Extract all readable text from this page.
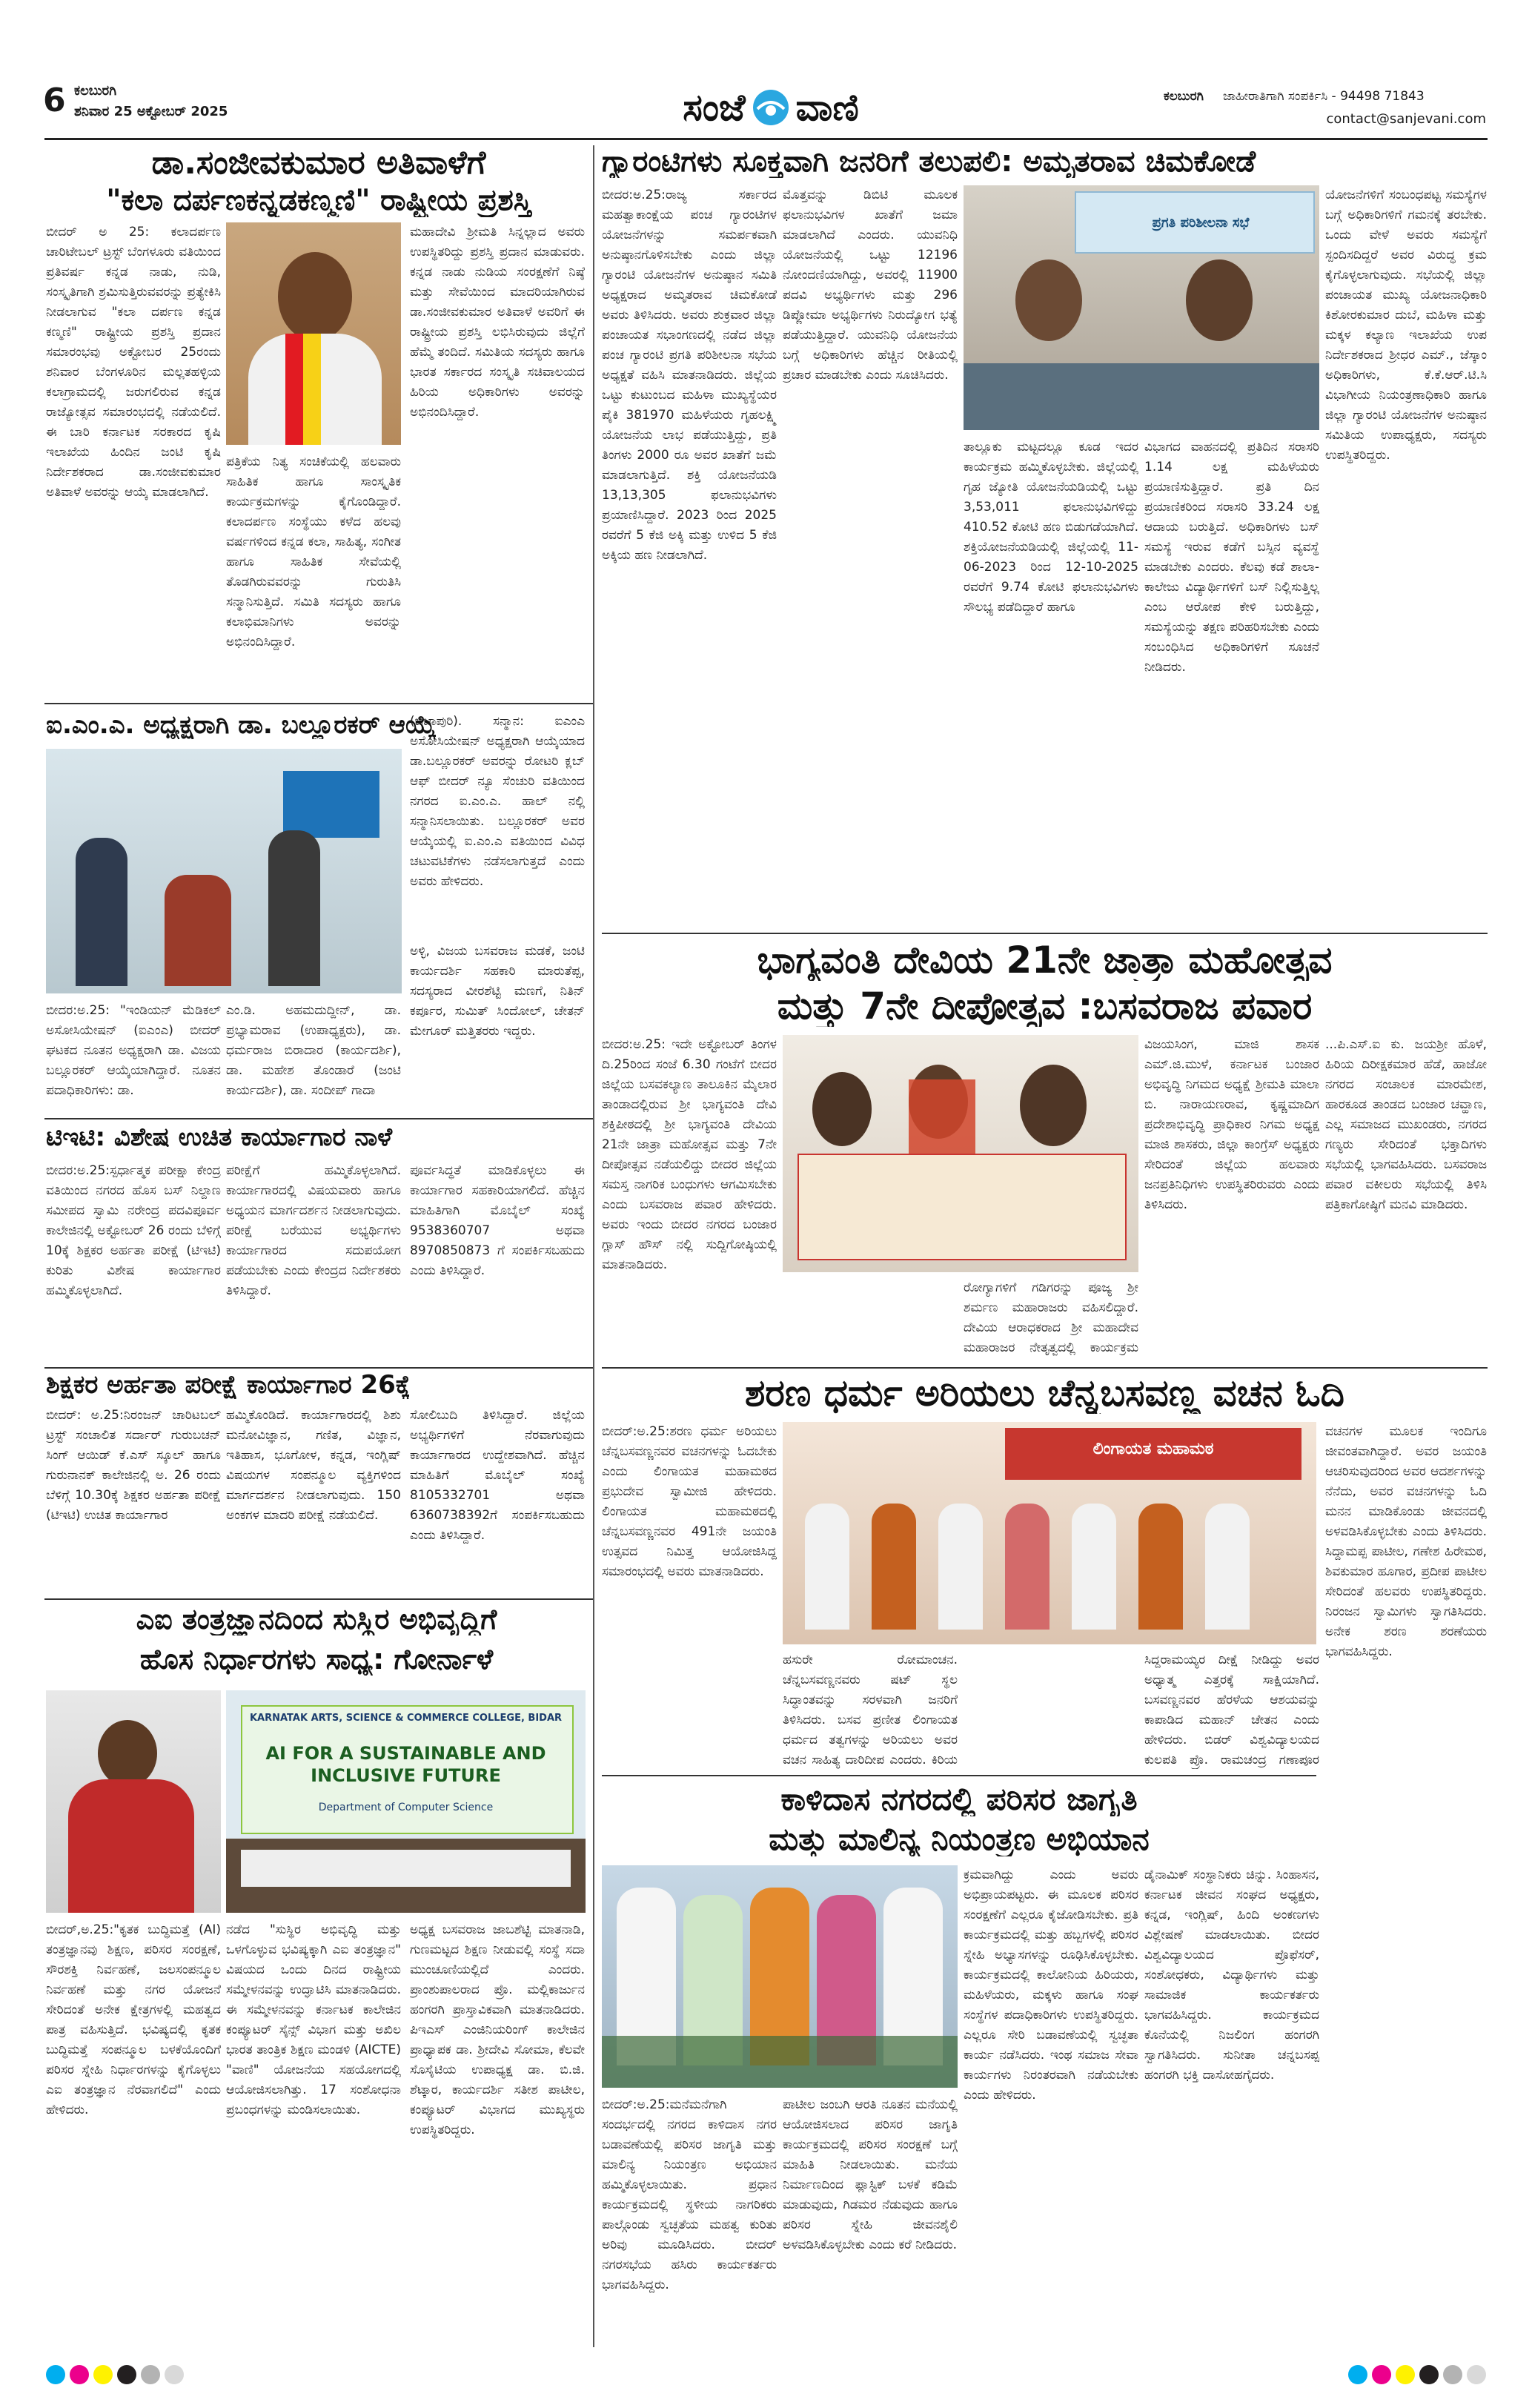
6 ಕಲಬುರಗಿ
ಶನಿವಾರ 25 ಅಕ್ಟೋಬರ್ 2025	ಸಂಜೆ ವಾಣಿ	ಕಲಬುರಗಿ ಜಾಹೀರಾತಿಗಾಗಿ ಸಂಪರ್ಕಿಸಿ - 94498 71843
contact@sanjevani.com
ಡಾ.ಸಂಜೀವಕುಮಾರ ಅತಿವಾಳೆಗೆ
"ಕಲಾ ದರ್ಪಣಕನ್ನಡಕಣ್ಮಣಿ" ರಾಷ್ಟ್ರೀಯ ಪ್ರಶಸ್ತಿ
ಬೀದರ್ ಅ 25: ಕಲಾದರ್ಪಣ ಚಾರಿಟೇಬಲ್ ಟ್ರಸ್ಟ್ ಬೆಂಗಳೂರು ವತಿಯಿಂದ ಪ್ರತಿವರ್ಷ ಕನ್ನಡ ನಾಡು, ನುಡಿ, ಸಂಸ್ಕೃತಿಗಾಗಿ ಶ್ರಮಿಸುತ್ತಿರುವವರನ್ನು ಪ್ರತ್ಯೇಕಿಸಿ ನೀಡಲಾಗುವ "ಕಲಾ ದರ್ಪಣ ಕನ್ನಡ ಕಣ್ಮಣಿ" ರಾಷ್ಟ್ರೀಯ ಪ್ರಶಸ್ತಿ ಪ್ರದಾನ ಸಮಾರಂಭವು ಅಕ್ಟೋಬರ 25ರಂದು ಶನಿವಾರ ಬೆಂಗಳೂರಿನ ಮಲ್ಲತಹಳ್ಳಿಯ ಕಲಾಗ್ರಾಮದಲ್ಲಿ ಜರುಗಲಿರುವ ಕನ್ನಡ ರಾಜ್ಯೋತ್ಸವ ಸಮಾರಂಭದಲ್ಲಿ ನಡೆಯಲಿದೆ. ಈ ಬಾರಿ ಕರ್ನಾಟಕ ಸರಕಾರದ ಕೃಷಿ ಇಲಾಖೆಯ ಹಿಂದಿನ ಜಂಟಿ ಕೃಷಿ ನಿರ್ದೇಶಕರಾದ ಡಾ.ಸಂಜೀವಕುಮಾರ ಅತಿವಾಳೆ ಅವರನ್ನು ಆಯ್ಕೆ ಮಾಡಲಾಗಿದೆ.
ಪತ್ರಿಕೆಯ ನಿತ್ಯ ಸಂಚಿಕೆಯಲ್ಲಿ ಹಲವಾರು ಸಾಹಿತಿಕ ಹಾಗೂ ಸಾಂಸ್ಕೃತಿಕ ಕಾರ್ಯಕ್ರಮಗಳನ್ನು ಕೈಗೊಂಡಿದ್ದಾರೆ. ಕಲಾದರ್ಪಣ ಸಂಸ್ಥೆಯು ಕಳೆದ ಹಲವು ವರ್ಷಗಳಿಂದ ಕನ್ನಡ ಕಲಾ, ಸಾಹಿತ್ಯ, ಸಂಗೀತ ಹಾಗೂ ಸಾಹಿತಿಕ ಸೇವೆಯಲ್ಲಿ ತೊಡಗಿರುವವರನ್ನು ಗುರುತಿಸಿ ಸನ್ಮಾನಿಸುತ್ತಿದೆ. ಸಮಿತಿ ಸದಸ್ಯರು ಹಾಗೂ ಕಲಾಭಿಮಾನಿಗಳು ಅವರನ್ನು ಅಭಿನಂದಿಸಿದ್ದಾರೆ.
ಮಹಾದೇವಿ ಶ್ರೀಮತಿ ಸಿನ್ನಲ್ಲಾದ ಅವರು ಉಪಸ್ಥಿತರಿದ್ದು ಪ್ರಶಸ್ತಿ ಪ್ರದಾನ ಮಾಡುವರು. ಕನ್ನಡ ನಾಡು ನುಡಿಯ ಸಂರಕ್ಷಣೆಗೆ ನಿಷ್ಠೆ ಮತ್ತು ಸೇವೆಯಿಂದ ಮಾದರಿಯಾಗಿರುವ ಡಾ.ಸಂಜೀವಕುಮಾರ ಅತಿವಾಳೆ ಅವರಿಗೆ ಈ ರಾಷ್ಟ್ರೀಯ ಪ್ರಶಸ್ತಿ ಲಭಿಸಿರುವುದು ಜಿಲ್ಲೆಗೆ ಹೆಮ್ಮೆ ತಂದಿದೆ. ಸಮಿತಿಯ ಸದಸ್ಯರು ಹಾಗೂ ಭಾರತ ಸರ್ಕಾರದ ಸಂಸ್ಕೃತಿ ಸಚಿವಾಲಯದ ಹಿರಿಯ ಅಧಿಕಾರಿಗಳು ಅವರನ್ನು ಅಭಿನಂದಿಸಿದ್ದಾರೆ.
ಐ.ಎಂ.ಎ. ಅಧ್ಯಕ್ಷರಾಗಿ ಡಾ. ಬಲ್ಲೂರಕರ್ ಆಯ್ಕೆ
(ಬಿಜಾಪುರಿ). ಸನ್ಮಾನ: ಐಎಂಎ ಅಸೋಸಿಯೇಷನ್ ಅಧ್ಯಕ್ಷರಾಗಿ ಆಯ್ಕೆಯಾದ ಡಾ.ಬಲ್ಲೂರಕರ್ ಅವರನ್ನು ರೋಟರಿ ಕ್ಲಬ್ ಆಫ್ ಬೀದರ್ ನ್ಯೂ ಸೆಂಚುರಿ ವತಿಯಿಂದ ನಗರದ ಐ.ಎಂ.ಎ. ಹಾಲ್ ನಲ್ಲಿ ಸನ್ಮಾನಿಸಲಾಯಿತು. ಬಲ್ಲೂರಕರ್ ಅವರ ಆಯ್ಕೆಯಲ್ಲಿ ಐ.ಎಂ.ಎ ವತಿಯಿಂದ ವಿವಿಧ ಚಟುವಟಿಕೆಗಳು ನಡೆಸಲಾಗುತ್ತದೆ ಎಂದು ಅವರು ಹೇಳಿದರು.
ಬೀದರ:ಅ.25: "ಇಂಡಿಯನ್ ಮೆಡಿಕಲ್ ಅಸೋಸಿಯೇಷನ್ (ಐಎಂಎ) ಬೀದರ್ ಘಟಕದ ನೂತನ ಅಧ್ಯಕ್ಷರಾಗಿ ಡಾ. ವಿಜಯ ಬಲ್ಲೂರಕರ್ ಆಯ್ಕೆಯಾಗಿದ್ದಾರೆ. ನೂತನ ಪದಾಧಿಕಾರಿಗಳು: ಡಾ.
ಎಂ.ಡಿ. ಅಹಮದುದ್ದೀನ್, ಡಾ. ಪ್ರಭ್ಯಾಮರಾವ (ಉಪಾಧ್ಯಕ್ಷರು), ಡಾ. ಧರ್ಮರಾಜ ಬಿರಾದಾರ (ಕಾರ್ಯದರ್ಶಿ), ಡಾ. ಮಹೇಶ ತೊಂಡಾರೆ (ಜಂಟಿ ಕಾರ್ಯದರ್ಶಿ), ಡಾ. ಸಂದೀಪ್ ಗಾದಾ
ಅಳ್ಳಿ, ವಿಜಯ ಬಸವರಾಜ ಮಡಕೆ, ಜಂಟಿ ಕಾರ್ಯದರ್ಶಿ ಸಹಕಾರಿ ಮಾರುತೆಪ್ಪ, ಸದಸ್ಯರಾದ ವೀರಶೆಟ್ಟಿ ಮಣಗೆ, ನಿತಿನ್ ಕರ್ಪೂರ, ಸುಮಿತ್ ಸಿಂದೋಲ್, ಚೇತನ್ ಮೇಗೂರ್ ಮತ್ತಿತರರು ಇದ್ದರು.
ಟಿಇಟಿ: ವಿಶೇಷ ಉಚಿತ ಕಾರ್ಯಾಗಾರ ನಾಳೆ
ಬೀದರ:ಅ.25:ಸ್ಪರ್ಧಾತ್ಮಕ ಪರೀಕ್ಷಾ ಕೇಂದ್ರ ವತಿಯಿಂದ ನಗರದ ಹೊಸ ಬಸ್ ನಿಲ್ದಾಣ ಸಮೀಪದ ಸ್ವಾಮಿ ನರೇಂದ್ರ ಪದವಿಪೂರ್ವ ಕಾಲೇಜಿನಲ್ಲಿ ಅಕ್ಟೋಬರ್ 26 ರಂದು ಬೆಳಿಗ್ಗೆ 10ಕ್ಕೆ ಶಿಕ್ಷಕರ ಅರ್ಹತಾ ಪರೀಕ್ಷೆ (ಟಿಇಟಿ) ಕುರಿತು ವಿಶೇಷ ಕಾರ್ಯಾಗಾರ ಹಮ್ಮಿಕೊಳ್ಳಲಾಗಿದೆ.
ಪರೀಕ್ಷೆಗೆ ಹಮ್ಮಿಕೊಳ್ಳಲಾಗಿದೆ. ಕಾರ್ಯಾಗಾರದಲ್ಲಿ ವಿಷಯವಾರು ಹಾಗೂ ಅಧ್ಯಯನ ಮಾರ್ಗದರ್ಶನ ನೀಡಲಾಗುವುದು. ಪರೀಕ್ಷೆ ಬರೆಯುವ ಅಭ್ಯರ್ಥಿಗಳು ಕಾರ್ಯಾಗಾರದ ಸದುಪಯೋಗ ಪಡೆಯಬೇಕು ಎಂದು ಕೇಂದ್ರದ ನಿರ್ದೇಶಕರು ತಿಳಿಸಿದ್ದಾರೆ.
ಪೂರ್ವಸಿದ್ಧತೆ ಮಾಡಿಕೊಳ್ಳಲು ಈ ಕಾರ್ಯಾಗಾರ ಸಹಕಾರಿಯಾಗಲಿದೆ. ಹೆಚ್ಚಿನ ಮಾಹಿತಿಗಾಗಿ ಮೊಬೈಲ್ ಸಂಖ್ಯೆ 9538360707 ಅಥವಾ 8970850873 ಗೆ ಸಂಪರ್ಕಿಸಬಹುದು ಎಂದು ತಿಳಿಸಿದ್ದಾರೆ.
ಶಿಕ್ಷಕರ ಅರ್ಹತಾ ಪರೀಕ್ಷೆ ಕಾರ್ಯಾಗಾರ 26ಕ್ಕೆ
ಬೀದರ್: ಅ.25:ನಿರಂಜನ್ ಚಾರಿಟಬಲ್ ಟ್ರಸ್ಟ್ ಸಂಚಾಲಿತ ಸರ್ದಾರ್ ಗುರುಬಚನ್ ಸಿಂಗ್ ಆಯಿಡ್ ಕೆ.ಎಸ್ ಸ್ಕೂಲ್ ಹಾಗೂ ಗುರುನಾನಕ್ ಕಾಲೇಜಿನಲ್ಲಿ ಅ. 26 ರಂದು ಬೆಳಿಗ್ಗೆ 10.30ಕ್ಕೆ ಶಿಕ್ಷಕರ ಅರ್ಹತಾ ಪರೀಕ್ಷೆ (ಟಿಇಟಿ) ಉಚಿತ ಕಾರ್ಯಾಗಾರ
ಹಮ್ಮಿಕೊಂಡಿದೆ. ಕಾರ್ಯಾಗಾರದಲ್ಲಿ ಶಿಶು ಮನೋವಿಜ್ಞಾನ, ಗಣಿತ, ವಿಜ್ಞಾನ, ಇತಿಹಾಸ, ಭೂಗೋಳ, ಕನ್ನಡ, ಇಂಗ್ಲಿಷ್ ವಿಷಯಗಳ ಸಂಪನ್ಮೂಲ ವ್ಯಕ್ತಿಗಳಿಂದ ಮಾರ್ಗದರ್ಶನ ನೀಡಲಾಗುವುದು. 150 ಅಂಕಗಳ ಮಾದರಿ ಪರೀಕ್ಷೆ ನಡೆಯಲಿದೆ.
ಸೋಲಿಬುದಿ ತಿಳಿಸಿದ್ದಾರೆ. ಜಿಲ್ಲೆಯ ಅಭ್ಯರ್ಥಿಗಳಿಗೆ ನೆರವಾಗುವುದು ಕಾರ್ಯಾಗಾರದ ಉದ್ದೇಶವಾಗಿದೆ. ಹೆಚ್ಚಿನ ಮಾಹಿತಿಗೆ ಮೊಬೈಲ್ ಸಂಖ್ಯೆ 8105332701 ಅಥವಾ 6360738392ಗೆ ಸಂಪರ್ಕಿಸಬಹುದು ಎಂದು ತಿಳಿಸಿದ್ದಾರೆ.
ಎಐ ತಂತ್ರಜ್ಞಾನದಿಂದ ಸುಸ್ಥಿರ ಅಭಿವೃದ್ಧಿಗೆ
ಹೊಸ ನಿರ್ಧಾರಗಳು ಸಾಧ್ಯ: ಗೋರ್ನಾಳೆ
KARNATAK ARTS, SCIENCE & COMMERCE COLLEGE, BIDAR
AI FOR A SUSTAINABLE AND INCLUSIVE FUTURE
Department of Computer Science
ಬೀದರ್,ಅ.25:"ಕೃತಕ ಬುದ್ಧಿಮತ್ತೆ (AI) ತಂತ್ರಜ್ಞಾನವು ಶಿಕ್ಷಣ, ಪರಿಸರ ಸಂರಕ್ಷಣೆ, ಸೌರಶಕ್ತಿ ನಿರ್ವಹಣೆ, ಜಲಸಂಪನ್ಮೂಲ ನಿರ್ವಹಣೆ ಮತ್ತು ನಗರ ಯೋಜನೆ ಸೇರಿದಂತೆ ಅನೇಕ ಕ್ಷೇತ್ರಗಳಲ್ಲಿ ಮಹತ್ವದ ಪಾತ್ರ ವಹಿಸುತ್ತಿದೆ. ಭವಿಷ್ಯದಲ್ಲಿ ಕೃತಕ ಬುದ್ಧಿಮತ್ತೆ ಸಂಪನ್ಮೂಲ ಬಳಕೆಯೊಂದಿಗೆ ಪರಿಸರ ಸ್ನೇಹಿ ನಿರ್ಧಾರಗಳನ್ನು ಕೈಗೊಳ್ಳಲು ಎಐ ತಂತ್ರಜ್ಞಾನ ನೆರವಾಗಲಿದೆ" ಎಂದು ಹೇಳಿದರು.
ನಡೆದ "ಸುಸ್ಥಿರ ಅಭಿವೃದ್ಧಿ ಮತ್ತು ಒಳಗೊಳ್ಳುವ ಭವಿಷ್ಯಕ್ಕಾಗಿ ಎಐ ತಂತ್ರಜ್ಞಾನ" ವಿಷಯದ ಒಂದು ದಿನದ ರಾಷ್ಟ್ರೀಯ ಸಮ್ಮೇಳನವನ್ನು ಉದ್ಘಾಟಿಸಿ ಮಾತನಾಡಿದರು. ಈ ಸಮ್ಮೇಳನವನ್ನು ಕರ್ನಾಟಕ ಕಾಲೇಜಿನ ಕಂಪ್ಯೂಟರ್ ಸೈನ್ಸ್ ವಿಭಾಗ ಮತ್ತು ಅಖಿಲ ಭಾರತ ತಾಂತ್ರಿಕ ಶಿಕ್ಷಣ ಮಂಡಳಿ (AICTE) "ವಾಣಿ" ಯೋಜನೆಯ ಸಹಯೋಗದಲ್ಲಿ ಆಯೋಜಿಸಲಾಗಿತ್ತು. 17 ಸಂಶೋಧನಾ ಪ್ರಬಂಧಗಳನ್ನು ಮಂಡಿಸಲಾಯಿತು.
ಅಧ್ಯಕ್ಷ ಬಸವರಾಜ ಜಾಬಶೆಟ್ಟಿ ಮಾತನಾಡಿ, ಗುಣಮಟ್ಟದ ಶಿಕ್ಷಣ ನೀಡುವಲ್ಲಿ ಸಂಸ್ಥೆ ಸದಾ ಮುಂಚೂಣಿಯಲ್ಲಿದೆ ಎಂದರು. ಪ್ರಾಂಶುಪಾಲರಾದ ಪ್ರೊ. ಮಲ್ಲಿಕಾರ್ಜುನ ಹಂಗರಗಿ ಪ್ರಾಸ್ತಾವಿಕವಾಗಿ ಮಾತನಾಡಿದರು. ಪಿಇಎಸ್ ಎಂಜಿನಿಯರಿಂಗ್ ಕಾಲೇಜಿನ ಪ್ರಾಧ್ಯಾಪಕ ಡಾ. ಶ್ರೀದೇವಿ ಸೋಮಾ, ಕೆಲವೇ ಸೊಸೈಟಿಯ ಉಪಾಧ್ಯಕ್ಷ ಡಾ. ಬಿ.ಜಿ. ಶೆಟ್ಕಾರ, ಕಾರ್ಯದರ್ಶಿ ಸತೀಶ ಪಾಟೀಲ, ಕಂಪ್ಯೂಟರ್ ವಿಭಾಗದ ಮುಖ್ಯಸ್ಥರು ಉಪಸ್ಥಿತರಿದ್ದರು.
ಗ್ಯಾರಂಟಿಗಳು ಸೂಕ್ತವಾಗಿ ಜನರಿಗೆ ತಲುಪಲಿ: ಅಮೃತರಾವ ಚಿಮಕೋಡೆ
ಬೀದರ:ಅ.25:ರಾಜ್ಯ ಸರ್ಕಾರದ ಮಹತ್ವಾಕಾಂಕ್ಷೆಯ ಪಂಚ ಗ್ಯಾರಂಟಿಗಳ ಯೋಜನೆಗಳನ್ನು ಸಮರ್ಪಕವಾಗಿ ಅನುಷ್ಠಾನಗೊಳಿಸಬೇಕು ಎಂದು ಜಿಲ್ಲಾ ಗ್ಯಾರಂಟಿ ಯೋಜನೆಗಳ ಅನುಷ್ಠಾನ ಸಮಿತಿ ಅಧ್ಯಕ್ಷರಾದ ಅಮೃತರಾವ ಚಿಮಕೋಡೆ ಅವರು ತಿಳಿಸಿದರು. ಅವರು ಶುಕ್ರವಾರ ಜಿಲ್ಲಾ ಪಂಚಾಯತ ಸಭಾಂಗಣದಲ್ಲಿ ನಡೆದ ಜಿಲ್ಲಾ ಪಂಚ ಗ್ಯಾರಂಟಿ ಪ್ರಗತಿ ಪರಿಶೀಲನಾ ಸಭೆಯ ಅಧ್ಯಕ್ಷತೆ ವಹಿಸಿ ಮಾತನಾಡಿದರು. ಜಿಲ್ಲೆಯ ಒಟ್ಟು ಕುಟುಂಬದ ಮಹಿಳಾ ಮುಖ್ಯಸ್ಥೆಯರ ಪೈಕಿ 381970 ಮಹಿಳೆಯರು ಗೃಹಲಕ್ಷ್ಮಿ ಯೋಜನೆಯ ಲಾಭ ಪಡೆಯುತ್ತಿದ್ದು, ಪ್ರತಿ ತಿಂಗಳು 2000 ರೂ ಅವರ ಖಾತೆಗೆ ಜಮೆ ಮಾಡಲಾಗುತ್ತಿದೆ. ಶಕ್ತಿ ಯೋಜನೆಯಡಿ 13,13,305 ಫಲಾನುಭವಿಗಳು ಪ್ರಯಾಣಿಸಿದ್ದಾರೆ. 2023 ರಿಂದ 2025 ರವರೆಗೆ 5 ಕೆಜಿ ಅಕ್ಕಿ ಮತ್ತು ಉಳಿದ 5 ಕೆಜಿ ಅಕ್ಕಿಯ ಹಣ ನೀಡಲಾಗಿದೆ.
ಮೊತ್ತವನ್ನು ಡಿಬಿಟಿ ಮೂಲಕ ಫಲಾನುಭವಿಗಳ ಖಾತೆಗೆ ಜಮಾ ಮಾಡಲಾಗಿದೆ ಎಂದರು. ಯುವನಿಧಿ ಯೋಜನೆಯಲ್ಲಿ ಒಟ್ಟು 12196 ನೋಂದಣಿಯಾಗಿದ್ದು, ಅವರಲ್ಲಿ 11900 ಪದವಿ ಅಭ್ಯರ್ಥಿಗಳು ಮತ್ತು 296 ಡಿಪ್ಲೋಮಾ ಅಭ್ಯರ್ಥಿಗಳು ನಿರುದ್ಯೋಗ ಭತ್ಯೆ ಪಡೆಯುತ್ತಿದ್ದಾರೆ. ಯುವನಿಧಿ ಯೋಜನೆಯ ಬಗ್ಗೆ ಅಧಿಕಾರಿಗಳು ಹೆಚ್ಚಿನ ರೀತಿಯಲ್ಲಿ ಪ್ರಚಾರ ಮಾಡಬೇಕು ಎಂದು ಸೂಚಿಸಿದರು.
ಪ್ರಗತಿ ಪರಿಶೀಲನಾ ಸಭೆ
ತಾಲ್ಲೂಕು ಮಟ್ಟದಲ್ಲೂ ಕೂಡ ಇದರ ಕಾರ್ಯಕ್ರಮ ಹಮ್ಮಿಕೊಳ್ಳಬೇಕು. ಜಿಲ್ಲೆಯಲ್ಲಿ ಗೃಹ ಜ್ಯೋತಿ ಯೋಜನೆಯಡಿಯಲ್ಲಿ ಒಟ್ಟು 3,53,011 ಫಲಾನುಭವಿಗಳಿದ್ದು 410.52 ಕೋಟಿ ಹಣ ಬಿಡುಗಡೆಯಾಗಿದೆ. ಶಕ್ತಿಯೋಜನೆಯಡಿಯಲ್ಲಿ ಜಿಲ್ಲೆಯಲ್ಲಿ 11-06-2023 ರಿಂದ 12-10-2025 ರವರೆಗೆ 9.74 ಕೋಟಿ ಫಲಾನುಭವಿಗಳು ಸೌಲಭ್ಯ ಪಡೆದಿದ್ದಾರೆ ಹಾಗೂ
ವಿಭಾಗದ ವಾಹನದಲ್ಲಿ ಪ್ರತಿದಿನ ಸರಾಸರಿ 1.14 ಲಕ್ಷ ಮಹಿಳೆಯರು ಪ್ರಯಾಣಿಸುತ್ತಿದ್ದಾರೆ. ಪ್ರತಿ ದಿನ ಪ್ರಯಾಣಿಕರಿಂದ ಸರಾಸರಿ 33.24 ಲಕ್ಷ ಆದಾಯ ಬರುತ್ತಿದೆ. ಅಧಿಕಾರಿಗಳು ಬಸ್ ಸಮಸ್ಯೆ ಇರುವ ಕಡೆಗೆ ಬಸ್ಸಿನ ವ್ಯವಸ್ಥೆ ಮಾಡಬೇಕು ಎಂದರು. ಕೆಲವು ಕಡೆ ಶಾಲಾ-ಕಾಲೇಜು ವಿದ್ಯಾರ್ಥಿಗಳಿಗೆ ಬಸ್ ನಿಲ್ಲಿಸುತ್ತಿಲ್ಲ ಎಂಬ ಆರೋಪ ಕೇಳಿ ಬರುತ್ತಿದ್ದು, ಸಮಸ್ಯೆಯನ್ನು ತಕ್ಷಣ ಪರಿಹರಿಸಬೇಕು ಎಂದು ಸಂಬಂಧಿಸಿದ ಅಧಿಕಾರಿಗಳಿಗೆ ಸೂಚನೆ ನೀಡಿದರು.
ಯೋಜನೆಗಳಿಗೆ ಸಂಬಂಧಪಟ್ಟ ಸಮಸ್ಯೆಗಳ ಬಗ್ಗೆ ಅಧಿಕಾರಿಗಳಿಗೆ ಗಮನಕ್ಕೆ ತರಬೇಕು. ಒಂದು ವೇಳೆ ಅವರು ಸಮಸ್ಯೆಗೆ ಸ್ಪಂದಿಸದಿದ್ದರೆ ಅವರ ವಿರುದ್ಧ ಕ್ರಮ ಕೈಗೊಳ್ಳಲಾಗುವುದು. ಸಭೆಯಲ್ಲಿ ಜಿಲ್ಲಾ ಪಂಚಾಯತ ಮುಖ್ಯ ಯೋಜನಾಧಿಕಾರಿ ಕಿಶೋರಕುಮಾರ ದುಬೆ, ಮಹಿಳಾ ಮತ್ತು ಮಕ್ಕಳ ಕಲ್ಯಾಣ ಇಲಾಖೆಯ ಉಪ ನಿರ್ದೇಶಕರಾದ ಶ್ರೀಧರ ಎಮ್., ಜೆಸ್ಕಾಂ ಅಧಿಕಾರಿಗಳು, ಕೆ.ಕೆ.ಆರ್.ಟಿ.ಸಿ ವಿಭಾಗೀಯ ನಿಯಂತ್ರಣಾಧಿಕಾರಿ ಹಾಗೂ ಜಿಲ್ಲಾ ಗ್ಯಾರಂಟಿ ಯೋಜನೆಗಳ ಅನುಷ್ಠಾನ ಸಮಿತಿಯ ಉಪಾಧ್ಯಕ್ಷರು, ಸದಸ್ಯರು ಉಪಸ್ಥಿತರಿದ್ದರು.
ಭಾಗ್ಯವಂತಿ ದೇವಿಯ 21ನೇ ಜಾತ್ರಾ ಮಹೋತ್ಸವ
ಮತ್ತು 7ನೇ ದೀಪೋತ್ಸವ :ಬಸವರಾಜ ಪವಾರ
ಬೀದರ:ಅ.25: ಇದೇ ಅಕ್ಟೋಬರ್ ತಿಂಗಳ ದಿ.25ರಿಂದ ಸಂಜೆ 6.30 ಗಂಟೆಗೆ ಬೀದರ ಜಿಲ್ಲೆಯ ಬಸವಕಲ್ಯಾಣ ತಾಲೂಕಿನ ಮೈಲಾರ ತಾಂಡಾದಲ್ಲಿರುವ ಶ್ರೀ ಭಾಗ್ಯವಂತಿ ದೇವಿ ಶಕ್ತಿಪೀಠದಲ್ಲಿ ಶ್ರೀ ಭಾಗ್ಯವಂತಿ ದೇವಿಯ 21ನೇ ಜಾತ್ರಾ ಮಹೋತ್ಸವ ಮತ್ತು 7ನೇ ದೀಪೋತ್ಸವ ನಡೆಯಲಿದ್ದು ಬೀದರ ಜಿಲ್ಲೆಯ ಸಮಸ್ತ ನಾಗರಿಕ ಬಂಧುಗಳು ಆಗಮಿಸಬೇಕು ಎಂದು ಬಸವರಾಜ ಪವಾರ ಹೇಳಿದರು. ಅವರು ಇಂದು ಬೀದರ ನಗರದ ಬಂಜಾರ ಗ್ಲಾಸ್ ಹೌಸ್ ನಲ್ಲಿ ಸುದ್ದಿಗೋಷ್ಠಿಯಲ್ಲಿ ಮಾತನಾಡಿದರು.
ರೋಗ್ಯಾಗಳಿಗೆ ಗಡಿಗರನ್ನು ಪೂಜ್ಯ ಶ್ರೀ ಶರ್ಮಣ ಮಹಾರಾಜರು ವಹಿಸಲಿದ್ದಾರೆ. ದೇವಿಯ ಆರಾಧಕರಾದ ಶ್ರೀ ಮಹಾದೇವ ಮಹಾರಾಜರ ನೇತೃತ್ವದಲ್ಲಿ ಕಾರ್ಯಕ್ರಮ
ವಿಜಯಸಿಂಗ, ಮಾಜಿ ಶಾಸಕ ಎಮ್.ಜಿ.ಮುಳೆ, ಕರ್ನಾಟಕ ಬಂಜಾರ ಅಭಿವೃದ್ಧಿ ನಿಗಮದ ಅಧ್ಯಕ್ಷೆ ಶ್ರೀಮತಿ ಮಾಲಾ ಬಿ. ನಾರಾಯಣರಾವ, ಕೃಷ್ಣಮಾದಿಗ ಪ್ರದೇಶಾಭಿವೃದ್ಧಿ ಪ್ರಾಧಿಕಾರ ನಿಗಮ ಅಧ್ಯಕ್ಷ ಮಾಜಿ ಶಾಸಕರು, ಜಿಲ್ಲಾ ಕಾಂಗ್ರೆಸ್ ಅಧ್ಯಕ್ಷರು ಸೇರಿದಂತೆ ಜಿಲ್ಲೆಯ ಹಲವಾರು ಜನಪ್ರತಿನಿಧಿಗಳು ಉಪಸ್ಥಿತರಿರುವರು ಎಂದು ತಿಳಿಸಿದರು.
...ಪಿ.ಎಸ್.ಐ ಕು. ಜಯಶ್ರೀ ಹೊಳೆ, ಹಿರಿಯ ದಿರೀಕ್ಷಕಮಾರ ಹೆಡೆ, ಹಾಜೋ ನಗರದ ಸಂಚಾಲಕ ಮಾರಮೇಶ, ಹಾರಕೂಡ ತಾಂಡದ ಬಂಜಾರ ಚವ್ಹಾಣ, ಎಲ್ಲ ಸಮಾಜದ ಮುಖಂಡರು, ನಗರದ ಗಣ್ಯರು ಸೇರಿದಂತೆ ಭಕ್ತಾದಿಗಳು ಸಭೆಯಲ್ಲಿ ಭಾಗವಹಿಸಿದರು. ಬಸವರಾಜ ಪವಾರ ವಕೀಲರು ಸಭೆಯಲ್ಲಿ ತಿಳಿಸಿ ಪತ್ರಿಕಾಗೋಷ್ಠಿಗೆ ಮನವಿ ಮಾಡಿದರು.
ಶರಣ ಧರ್ಮ ಅರಿಯಲು ಚೆನ್ನಬಸವಣ್ಣ ವಚನ ಓದಿ
ಬೀದರ್:ಅ.25:ಶರಣ ಧರ್ಮ ಅರಿಯಲು ಚೆನ್ನಬಸವಣ್ಣನವರ ವಚನಗಳನ್ನು ಓದಬೇಕು ಎಂದು ಲಿಂಗಾಯತ ಮಹಾಮಠದ ಪ್ರಭುದೇವ ಸ್ವಾಮೀಜಿ ಹೇಳಿದರು. ಲಿಂಗಾಯತ ಮಹಾಮಠದಲ್ಲಿ ಚೆನ್ನಬಸವಣ್ಣನವರ 491ನೇ ಜಯಂತಿ ಉತ್ಸವದ ನಿಮಿತ್ತ ಆಯೋಜಿಸಿದ್ದ ಸಮಾರಂಭದಲ್ಲಿ ಅವರು ಮಾತನಾಡಿದರು.
ಲಿಂಗಾಯತ ಮಹಾಮಠ
ಹಸುರೇ ರೋಮಾಂಚನ. ಚೆನ್ನಬಸವಣ್ಣನವರು ಷಟ್ ಸ್ಥಲ ಸಿದ್ಧಾಂತವನ್ನು ಸರಳವಾಗಿ ಜನರಿಗೆ ತಿಳಿಸಿದರು. ಬಸವ ಪ್ರಣೀತ ಲಿಂಗಾಯತ ಧರ್ಮದ ತತ್ವಗಳನ್ನು ಅರಿಯಲು ಅವರ ವಚನ ಸಾಹಿತ್ಯ ದಾರಿದೀಪ ಎಂದರು. ಕಿರಿಯ
ಸಿದ್ದರಾಮಯ್ಯರ ದೀಕ್ಷೆ ನೀಡಿದ್ದು ಅವರ ಅಧ್ಯಾತ್ಮ ಎತ್ತರಕ್ಕೆ ಸಾಕ್ಷಿಯಾಗಿದೆ. ಬಸವಣ್ಣನವರ ಹೆರಳೆಯ ಆಶಯವನ್ನು ಕಾಪಾಡಿದ ಮಹಾನ್ ಚೇತನ ಎಂದು ಹೇಳಿದರು. ಬಿಡರ್ ವಿಶ್ವವಿದ್ಯಾಲಯದ ಕುಲಪತಿ ಪ್ರೊ. ರಾಮಚಂದ್ರ ಗಣಾಪೂರ
ವಚನಗಳ ಮೂಲಕ ಇಂದಿಗೂ ಜೀವಂತವಾಗಿದ್ದಾರೆ. ಅವರ ಜಯಂತಿ ಆಚರಿಸುವುದರಿಂದ ಅವರ ಆದರ್ಶಗಳನ್ನು ನೆನೆದು, ಅವರ ವಚನಗಳನ್ನು ಓದಿ ಮನನ ಮಾಡಿಕೊಂಡು ಜೀವನದಲ್ಲಿ ಅಳವಡಿಸಿಕೊಳ್ಳಬೇಕು ಎಂದು ತಿಳಿಸಿದರು. ಸಿದ್ದಾಮಪ್ಪ ಪಾಟೀಲ, ಗಣೇಶ ಹಿರೇಮಠ, ಶಿವಕುಮಾರ ಹೂಗಾರ, ಪ್ರದೀಪ ಪಾಟೀಲ ಸೇರಿದಂತೆ ಹಲವರು ಉಪಸ್ಥಿತರಿದ್ದರು. ನಿರಂಜನ ಸ್ವಾಮಿಗಳು ಸ್ವಾಗತಿಸಿದರು. ಅನೇಕ ಶರಣ ಶರಣೆಯರು ಭಾಗವಹಿಸಿದ್ದರು.
ಕಾಳಿದಾಸ ನಗರದಲ್ಲಿ ಪರಿಸರ ಜಾಗೃತಿ
ಮತ್ತು ಮಾಲಿನ್ಯ ನಿಯಂತ್ರಣ ಅಭಿಯಾನ
ಬೀದರ್:ಅ.25:ಮನೆಮನೆಗಾಗಿ ಸಂದರ್ಭದಲ್ಲಿ ನಗರದ ಕಾಳಿದಾಸ ನಗರ ಬಡಾವಣೆಯಲ್ಲಿ ಪರಿಸರ ಜಾಗೃತಿ ಮತ್ತು ಮಾಲಿನ್ಯ ನಿಯಂತ್ರಣ ಅಭಿಯಾನ ಹಮ್ಮಿಕೊಳ್ಳಲಾಯಿತು. ಪ್ರಧಾನ ಕಾರ್ಯಕ್ರಮದಲ್ಲಿ ಸ್ಥಳೀಯ ನಾಗರಿಕರು ಪಾಲ್ಗೊಂಡು ಸ್ವಚ್ಛತೆಯ ಮಹತ್ವ ಕುರಿತು ಅರಿವು ಮೂಡಿಸಿದರು. ಬೀದರ್ ನಗರಸಭೆಯ ಹಸಿರು ಕಾರ್ಯಕರ್ತರು ಭಾಗವಹಿಸಿದ್ದರು.
ಪಾಟೀಲ ಜಂಬಗಿ ಆರತಿ ನೂತನ ಮನೆಯಲ್ಲಿ ಆಯೋಜಿಸಲಾದ ಪರಿಸರ ಜಾಗೃತಿ ಕಾರ್ಯಕ್ರಮದಲ್ಲಿ ಪರಿಸರ ಸಂರಕ್ಷಣೆ ಬಗ್ಗೆ ಮಾಹಿತಿ ನೀಡಲಾಯಿತು. ಮನೆಯ ನಿರ್ಮಾಣದಿಂದ ಪ್ಲಾಸ್ಟಿಕ್ ಬಳಕೆ ಕಡಿಮೆ ಮಾಡುವುದು, ಗಿಡಮರ ನೆಡುವುದು ಹಾಗೂ ಪರಿಸರ ಸ್ನೇಹಿ ಜೀವನಶೈಲಿ ಅಳವಡಿಸಿಕೊಳ್ಳಬೇಕು ಎಂದು ಕರೆ ನೀಡಿದರು.
ಕ್ರಮವಾಗಿದ್ದು ಎಂದು ಅವರು ಅಭಿಪ್ರಾಯಪಟ್ಟರು. ಈ ಮೂಲಕ ಪರಿಸರ ಸಂರಕ್ಷಣೆಗೆ ಎಲ್ಲರೂ ಕೈಜೋಡಿಸಬೇಕು. ಪ್ರತಿ ಕಾರ್ಯಕ್ರಮದಲ್ಲಿ ಮತ್ತು ಹಬ್ಬಗಳಲ್ಲಿ ಪರಿಸರ ಸ್ನೇಹಿ ಅಭ್ಯಾಸಗಳನ್ನು ರೂಢಿಸಿಕೊಳ್ಳಬೇಕು. ಕಾರ್ಯಕ್ರಮದಲ್ಲಿ ಕಾಲೋನಿಯ ಹಿರಿಯರು, ಮಹಿಳೆಯರು, ಮಕ್ಕಳು ಹಾಗೂ ಸಂಘ ಸಂಸ್ಥೆಗಳ ಪದಾಧಿಕಾರಿಗಳು ಉಪಸ್ಥಿತರಿದ್ದರು. ಎಲ್ಲರೂ ಸೇರಿ ಬಡಾವಣೆಯಲ್ಲಿ ಸ್ವಚ್ಛತಾ ಕಾರ್ಯ ನಡೆಸಿದರು. ಇಂಥ ಸಮಾಜ ಸೇವಾ ಕಾರ್ಯಗಳು ನಿರಂತರವಾಗಿ ನಡೆಯಬೇಕು ಎಂದು ಹೇಳಿದರು.
ಡೈನಾಮಿಕ್ ಸಂಸ್ಥಾನಿಕರು ಚಿನ್ನು. ಸಿಂಹಾಸನ, ಕರ್ನಾಟಕ ಜೀವನ ಸಂಘದ ಅಧ್ಯಕ್ಷರು, ಕನ್ನಡ, ಇಂಗ್ಲಿಷ್, ಹಿಂದಿ ಅಂಕಣಗಳು ವಿಶ್ಲೇಷಣೆ ಮಾಡಲಾಯಿತು. ಬೀದರ ವಿಶ್ವವಿದ್ಯಾಲಯದ ಪ್ರೊಫೆಸರ್, ಸಂಶೋಧಕರು, ವಿದ್ಯಾರ್ಥಿಗಳು ಮತ್ತು ಸಾಮಾಜಿಕ ಕಾರ್ಯಕರ್ತರು ಭಾಗವಹಿಸಿದ್ದರು. ಕಾರ್ಯಕ್ರಮದ ಕೊನೆಯಲ್ಲಿ ನಿಜಲಿಂಗ ಹಂಗರಗಿ ಸ್ವಾಗತಿಸಿದರು. ಸುನೀತಾ ಚನ್ನಬಸಪ್ಪ ಹಂಗರಗಿ ಭಕ್ತಿ ದಾಸೋಹಗೈದರು.
